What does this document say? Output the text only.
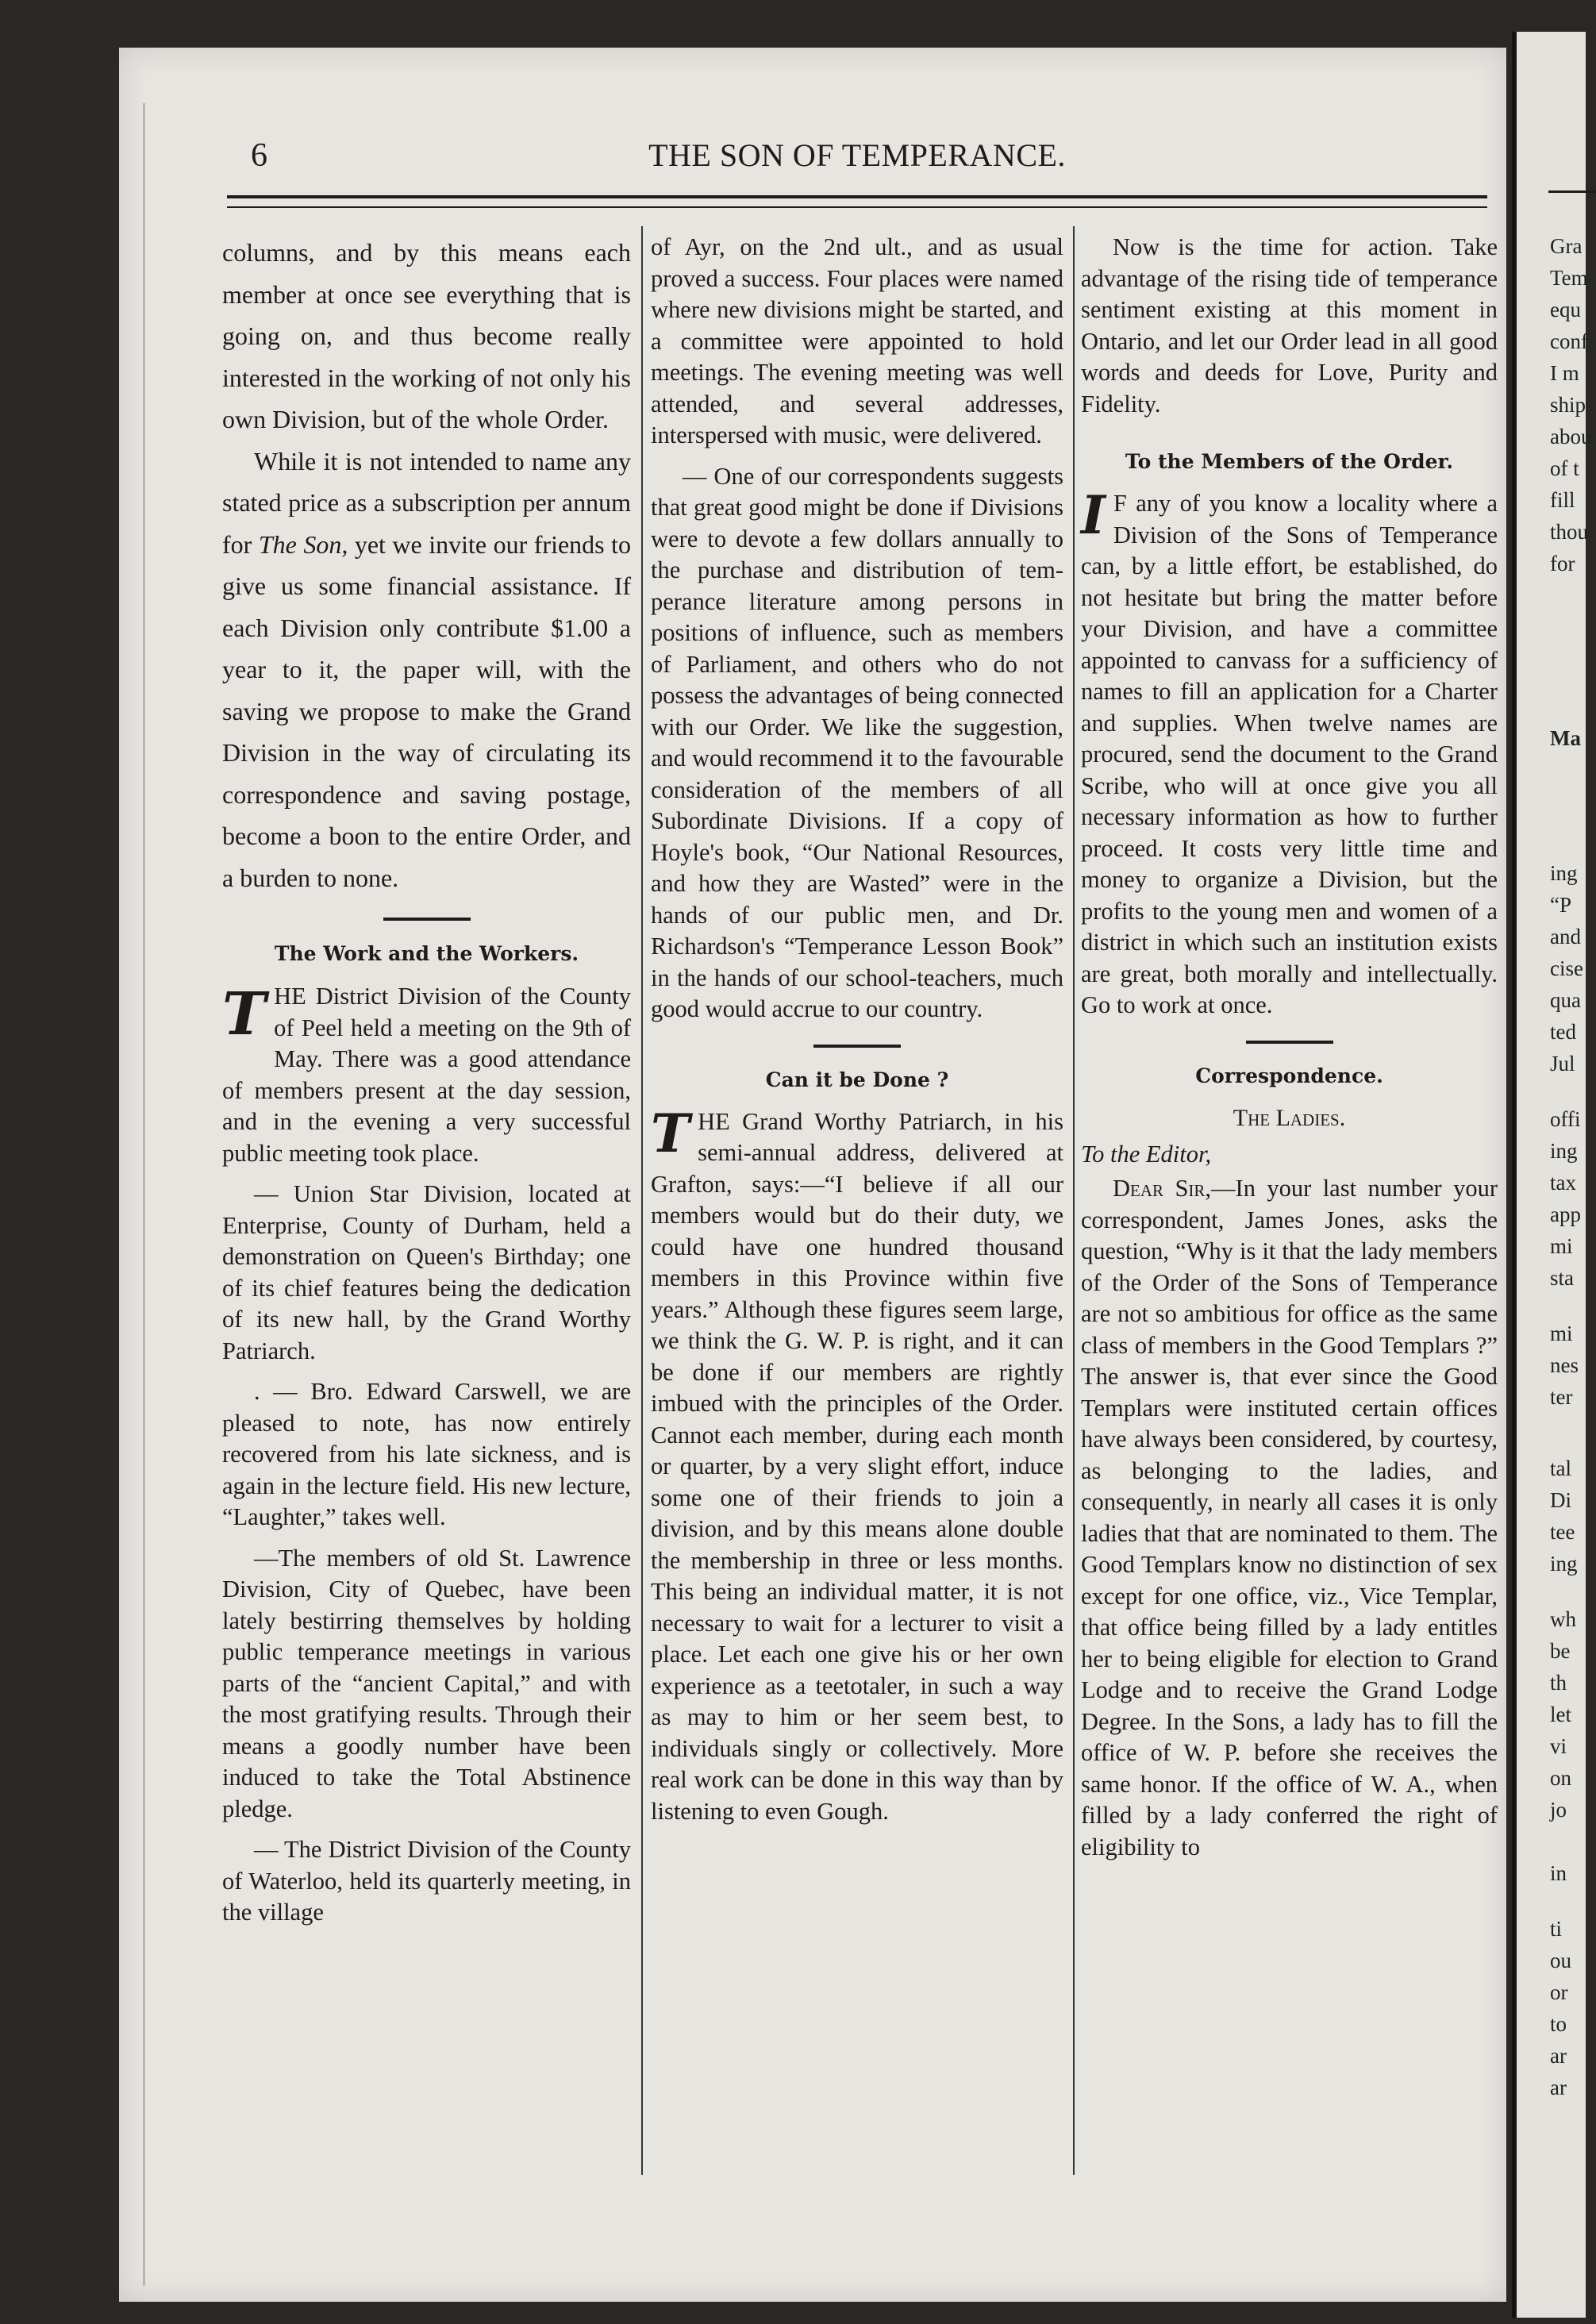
6	THE SON OF TEMPERANCE.

columns, and by this means each member at once see everything that is going on, and thus become really interested in the working of not only his own Division, but of the whole Order.

While it is not intended to name any stated price as a subscription per annum for The Son, yet we invite our friends to give us some financial assistance. If each Division only contribute $1.00 a year to it, the paper will, with the saving we propose to make the Grand Division in the way of circulating its correspondence and saving postage, become a boon to the entire Order, and a burden to none.

The Work and the Workers.

THE District Division of the County of Peel held a meeting on the 9th of May. There was a good attendance of members present at the day session, and in the evening a very successful public meeting took place.

— Union Star Division, located at Enterprise, County of Durham, held a demonstration on Queen's Birthday; one of its chief features being the dedication of its new hall, by the Grand Worthy Patriarch.

. — Bro. Edward Carswell, we are pleased to note, has now entirely recovered from his late sickness, and is again in the lecture field. His new lecture, “Laughter,” takes well.

—The members of old St. Lawrence Division, City of Quebec, have been lately bestirring themselves by holding public temperance meetings in various parts of the “ancient Capital,” and with the most gratifying results. Through their means a goodly number have been induced to take the Total Abstinence pledge.

— The District Division of the County of Waterloo, held its quarterly meeting, in the village

of Ayr, on the 2nd ult., and as usual proved a success. Four places were named where new divisions might be started, and a committee were appointed to hold meetings. The evening meeting was well attended, and several addresses, interspersed with music, were delivered.

— One of our correspondents suggests that great good might be done if Divisions were to devote a few dollars annually to the purchase and distribution of temperance literature among persons in positions of influence, such as members of Parliament, and others who do not possess the advantages of being connected with our Order. We like the suggestion, and would recommend it to the favourable consideration of the members of all Subordinate Divisions. If a copy of Hoyle's book, “Our National Resources, and how they are Wasted” were in the hands of our public men, and Dr. Richardson's “Temperance Lesson Book” in the hands of our school-teachers, much good would accrue to our country.

Can it be Done ?

THE Grand Worthy Patriarch, in his semi-annual address, delivered at Grafton, says:—“I believe if all our members would but do their duty, we could have one hundred thousand members in this Province within five years.” Although these figures seem large, we think the G. W. P. is right, and it can be done if our members are rightly imbued with the principles of the Order. Cannot each member, during each month or quarter, by a very slight effort, induce some one of their friends to join a division, and by this means alone double the membership in three or less months. This being an individual matter, it is not necessary to wait for a lecturer to visit a place. Let each one give his or her own experience as a teetotaler, in such a way as may to him or her seem best, to individuals singly or collectively. More real work can be done in this way than by listening to even Gough.

Now is the time for action. Take advantage of the rising tide of temperance sentiment existing at this moment in Ontario, and let our Order lead in all good words and deeds for Love, Purity and Fidelity.

To the Members of the Order.

I F any of you know a locality where a Division of the Sons of Temperance can, by a little effort, be established, do not hesitate but bring the matter before your Division, and have a committee appointed to canvass for a sufficiency of names to fill an application for a Charter and supplies. When twelve names are procured, send the document to the Grand Scribe, who will at once give you all necessary information as how to further proceed. It costs very little time and money to organize a Division, but the profits to the young men and women of a district in which such an institution exists are great, both morally and intellectually. Go to work at once.

Correspondence.
The Ladies.

To the Editor,

Dear Sir,—In your last number your correspondent, James Jones, asks the question, “Why is it that the lady members of the Order of the Sons of Temperance are not so ambitious for office as the same class of members in the Good Templars ?” The answer is, that ever since the Good Templars were instituted certain offices have always been considered, by courtesy, as belonging to the ladies, and consequently, in nearly all cases it is only ladies that that are nominated to them. The Good Templars know no distinction of sex except for one office, viz., Vice Templar, that office being filled by a lady entitles her to being eligible for election to Grand Lodge and to receive the Grand Lodge Degree. In the Sons, a lady has to fill the office of W. P. before she receives the same honor. If the office of W. A., when filled by a lady conferred the right of eligibility to

Gra
Tem
equ
conf
I m
ship
abou
of t
fill
thou
for
Ma
ing
“P
and
cise
qua
ted
Jul
offi
ing
tax
app
mi
sta
mi
nes
ter
tal
Di
tee
ing
wh
be
th
let
vi
on
jo
in
ti
ou
or
to
ar
ar
